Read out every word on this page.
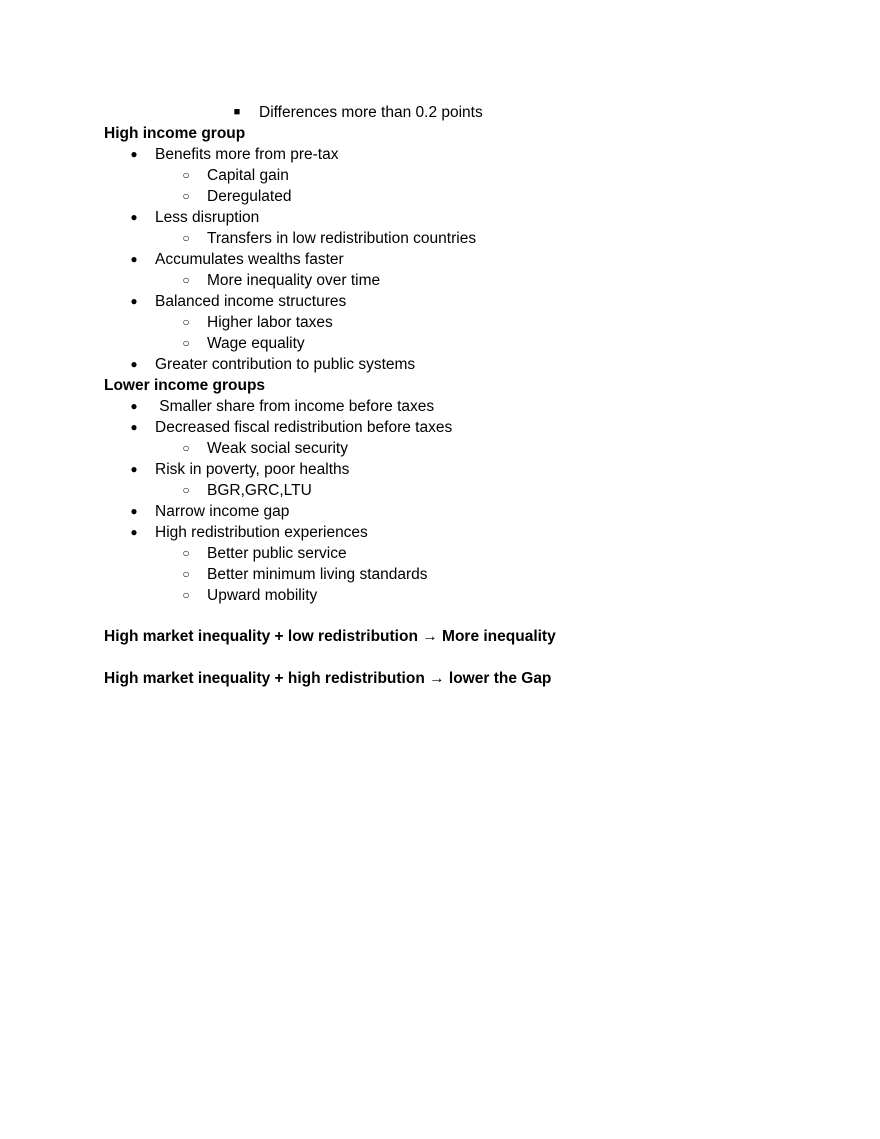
■ Differences more than 0.2 points
High income group
● Benefits more from pre-tax
○ Capital gain
○ Deregulated
● Less disruption
○ Transfers in low redistribution countries
● Accumulates wealths faster
○ More inequality over time
● Balanced income structures
○ Higher labor taxes
○ Wage equality
● Greater contribution to public systems
Lower income groups
● Smaller share from income before taxes
● Decreased fiscal redistribution before taxes
○ Weak social security
● Risk in poverty, poor healths
○ BGR,GRC,LTU
● Narrow income gap
● High redistribution experiences
○ Better public service
○ Better minimum living standards
○ Upward mobility
High market inequality + low redistribution → More inequality
High market inequality + high redistribution → lower the Gap
